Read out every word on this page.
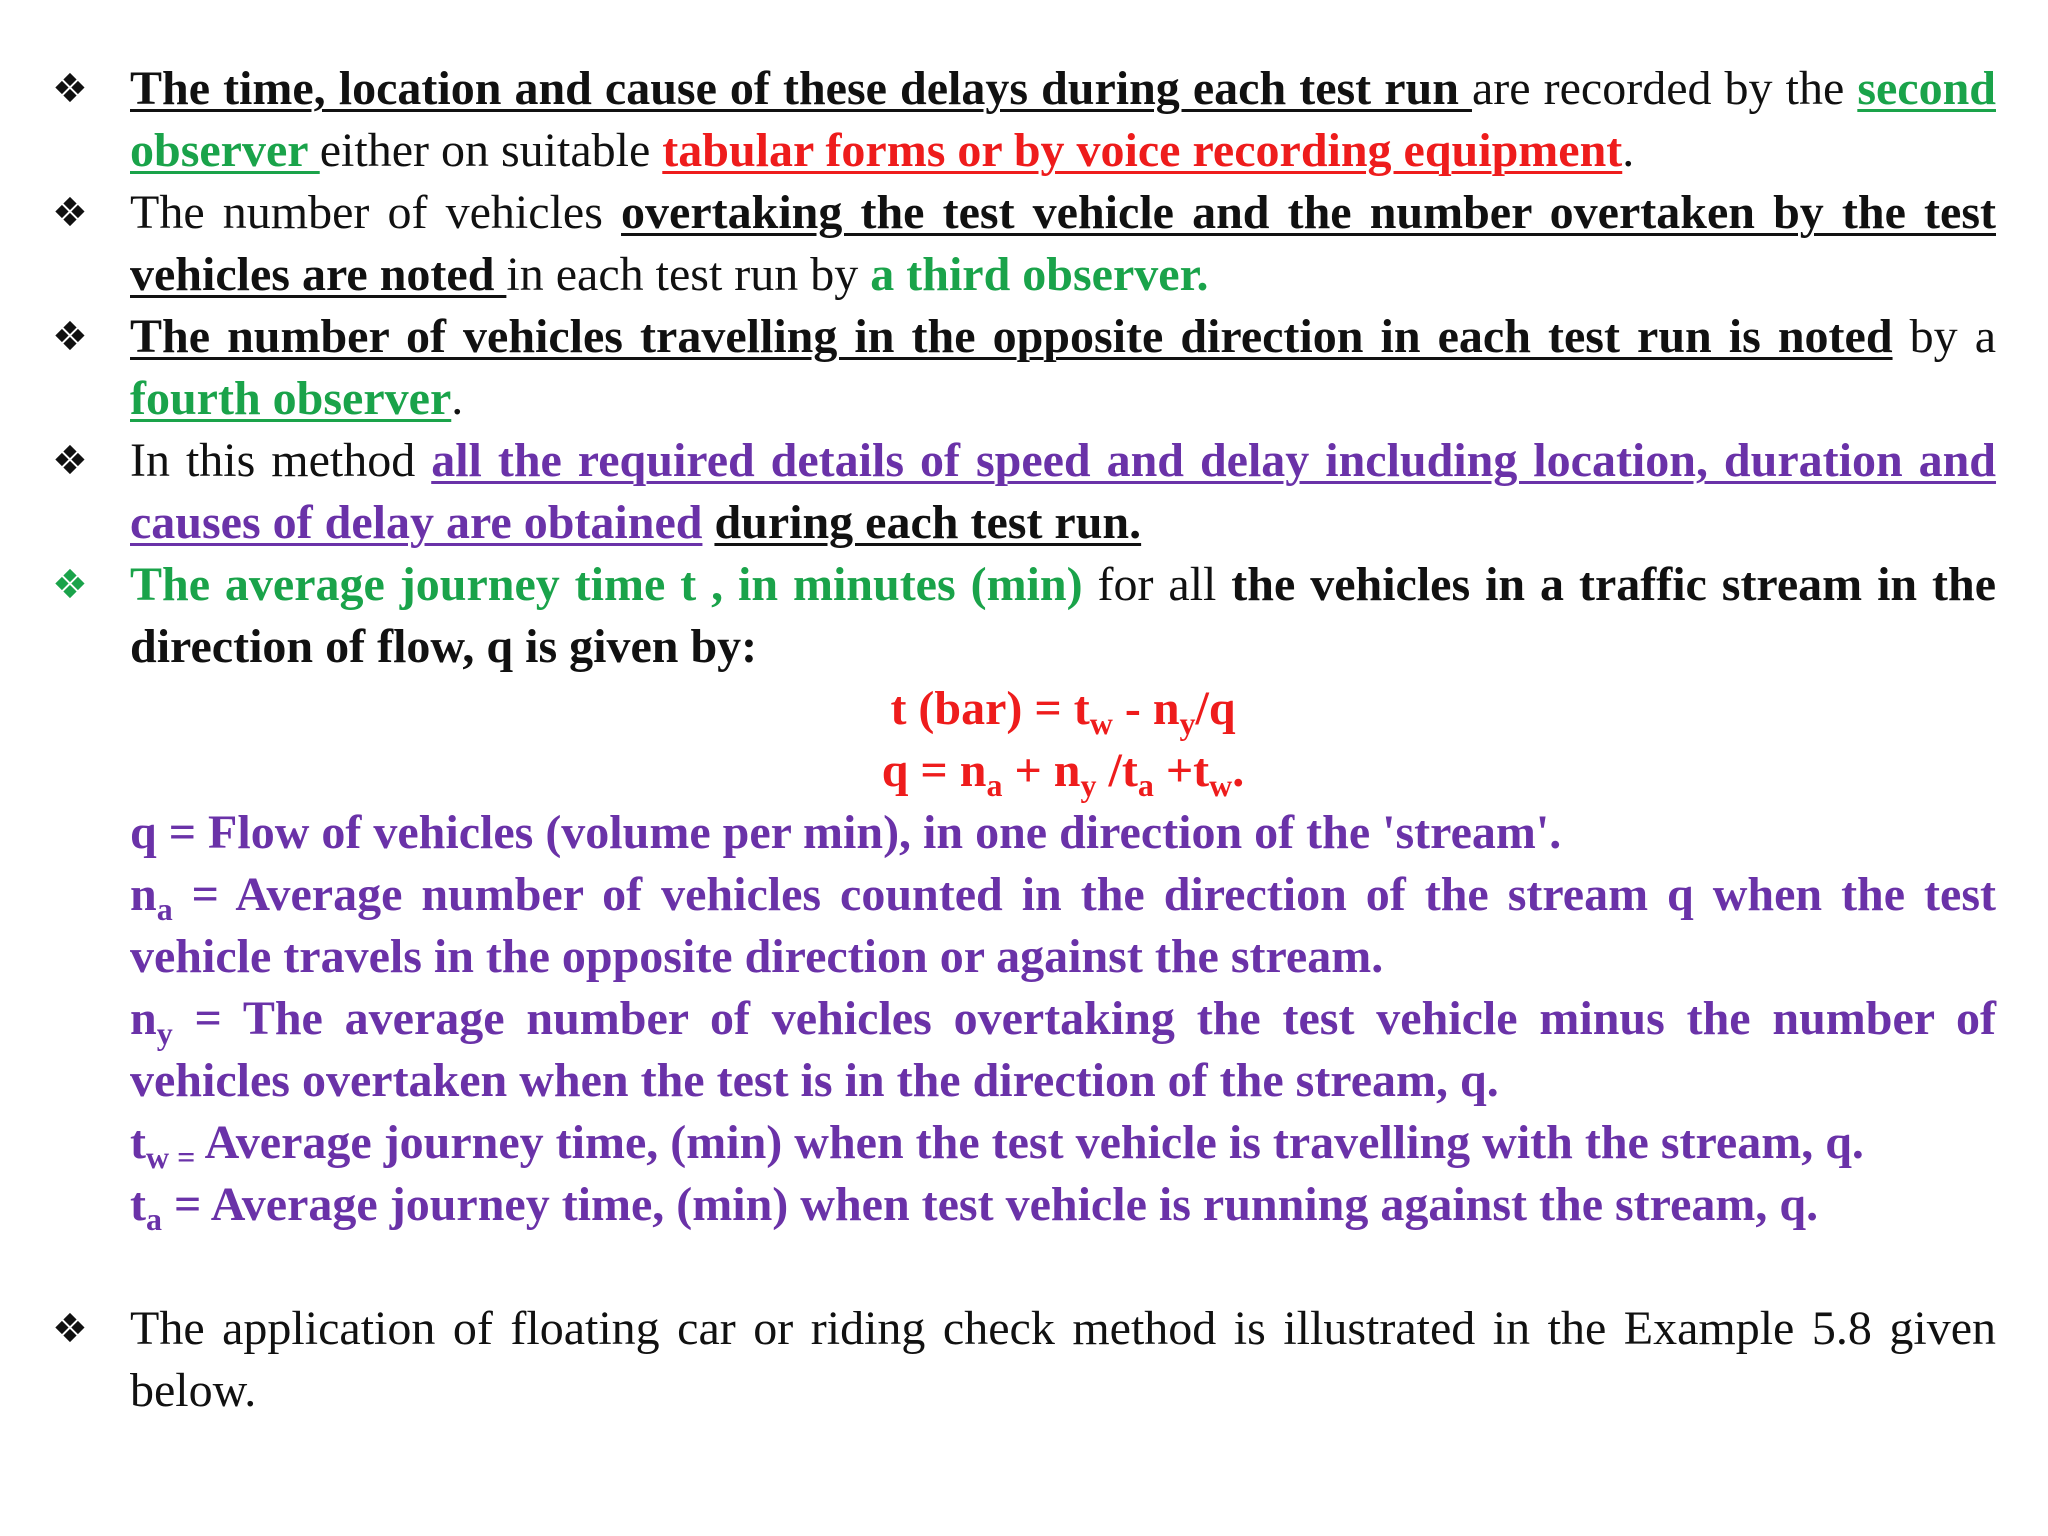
❖ The time, location and cause of these delays during each test run are recorded by the second observer either on suitable tabular forms or by voice recording equipment.
❖ The number of vehicles overtaking the test vehicle and the number overtaken by the test vehicles are noted in each test run by a third observer.
❖ The number of vehicles travelling in the opposite direction in each test run is noted by a fourth observer.
❖ In this method all the required details of speed and delay including location, duration and causes of delay are obtained during each test run.
❖ The average journey time t , in minutes (min) for all the vehicles in a traffic stream in the direction of flow, q is given by:
t $(bar) = t_w - n_y/q$
$q = n_a + n_y$ $/t_a +t_w$.
q = Flow of vehicles (volume per min), in one direction of the 'stream'.
$n_a$ = Average number of vehicles counted in the direction of the stream q when the test vehicle travels in the opposite direction or against the stream.
$n_y$ = The average number of vehicles overtaking the test vehicle minus the number of vehicles overtaken when the test is in the direction of the stream, q.
$t_{w =}$ Average journey time, (min) when the test vehicle is travelling with the stream, q.
$t_a$ = Average journey time, (min) when test vehicle is running against the stream, q.
❖ The application of floating car or riding check method is illustrated in the Example 5.8 given below.
